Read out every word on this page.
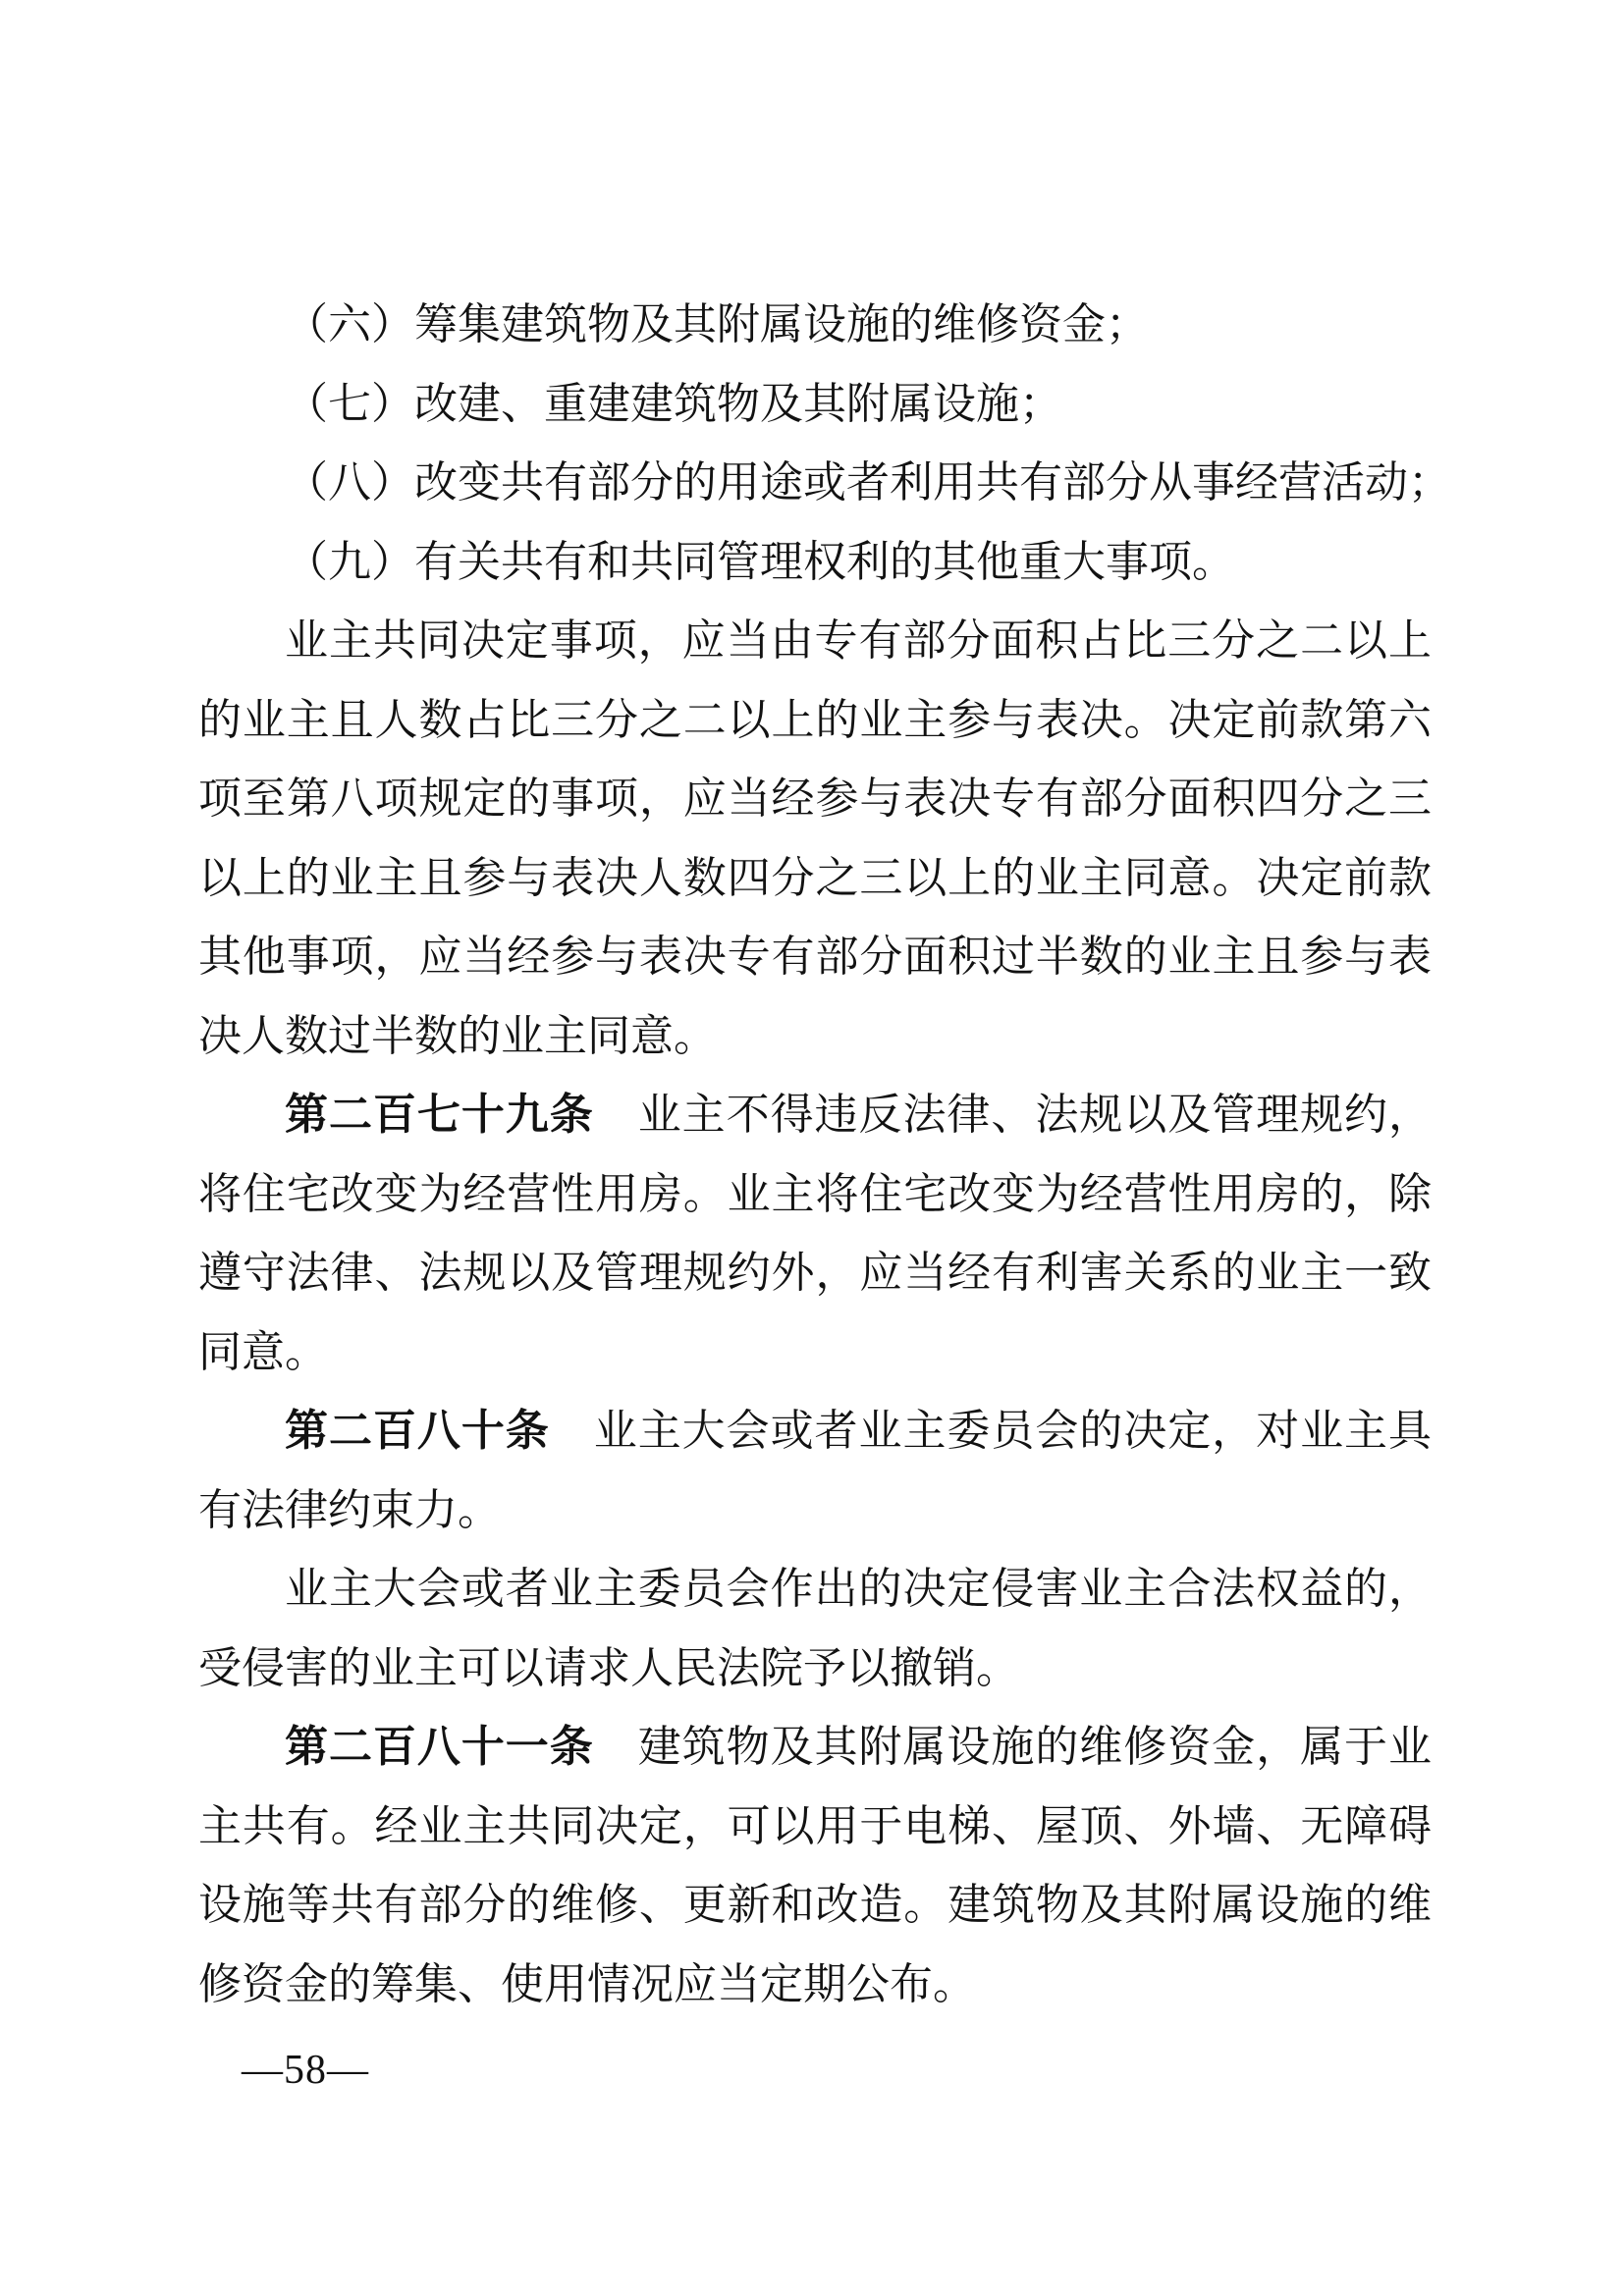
（六）筹集建筑物及其附属设施的维修资金；
（七）改建、重建建筑物及其附属设施；
（八）改变共有部分的用途或者利用共有部分从事经营活动；
（九）有关共有和共同管理权利的其他重大事项。
业主共同决定事项，应当由专有部分面积占比三分之二以上
的业主且人数占比三分之二以上的业主参与表决。决定前款第六
项至第八项规定的事项，应当经参与表决专有部分面积四分之三
以上的业主且参与表决人数四分之三以上的业主同意。决定前款
其他事项，应当经参与表决专有部分面积过半数的业主且参与表
决人数过半数的业主同意。
第二百七十九条　业主不得违反法律、法规以及管理规约，
将住宅改变为经营性用房。业主将住宅改变为经营性用房的，除
遵守法律、法规以及管理规约外，应当经有利害关系的业主一致
同意。
第二百八十条　业主大会或者业主委员会的决定，对业主具
有法律约束力。
业主大会或者业主委员会作出的决定侵害业主合法权益的，
受侵害的业主可以请求人民法院予以撤销。
第二百八十一条　建筑物及其附属设施的维修资金，属于业
主共有。经业主共同决定，可以用于电梯、屋顶、外墙、无障碍
设施等共有部分的维修、更新和改造。建筑物及其附属设施的维
修资金的筹集、使用情况应当定期公布。
—58—
